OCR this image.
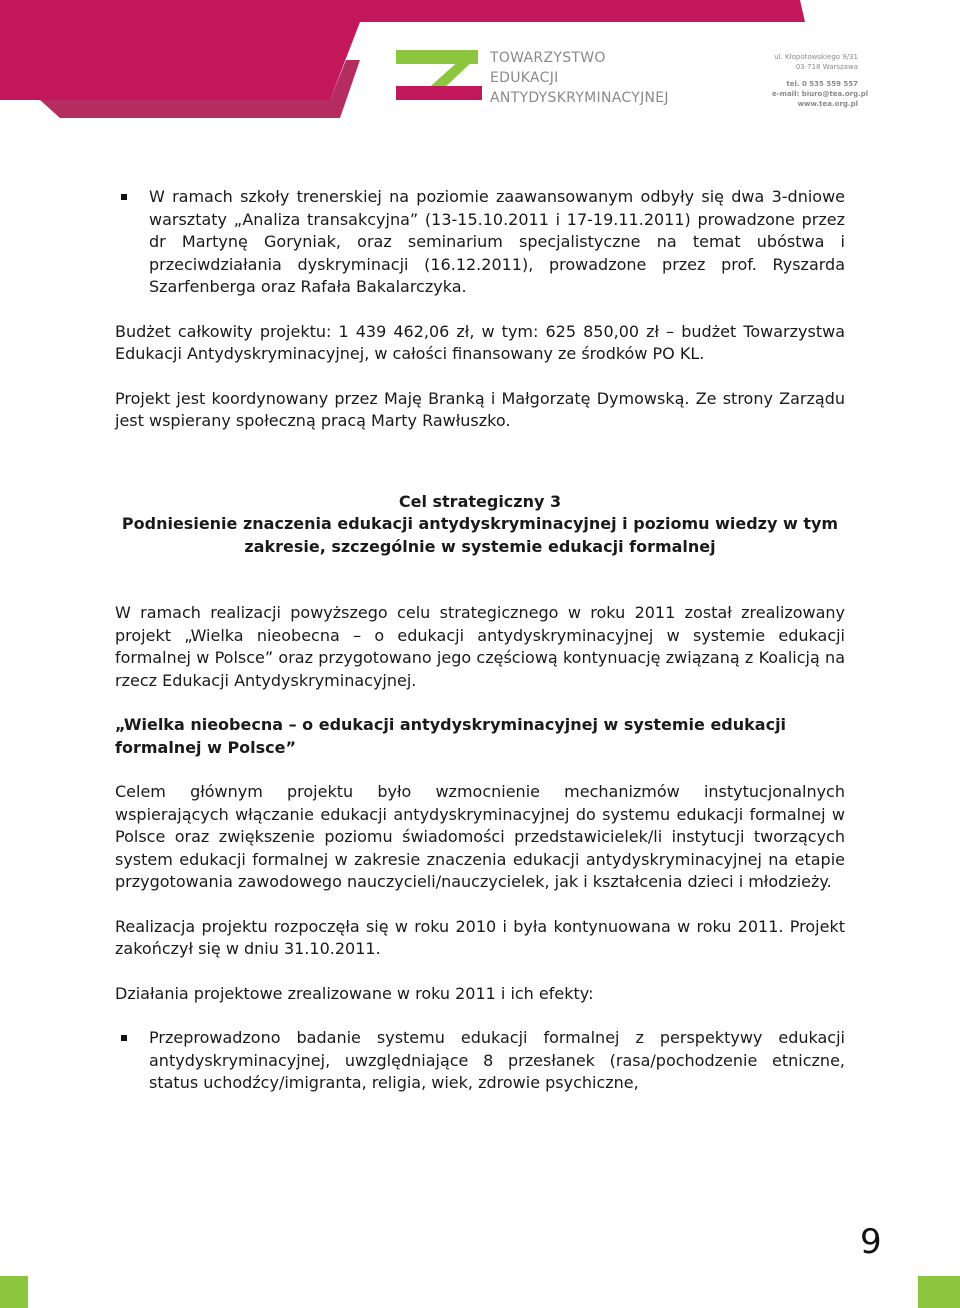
TOWARZYSTWO
EDUKACJI
ANTYDYSKRYMINACYJNEJ
ul. Kłopotowskiego 9/31
03-718 Warszawa
tel. 0 535 559 557
e-mail: biuro@tea.org.pl
www.tea.org.pl
W ramach szkoły trenerskiej na poziomie zaawansowanym odbyły się dwa 3-dniowe warsztaty „Analiza transakcyjna” (13-15.10.2011 i 17-19.11.2011) prowadzone przez dr Martynę Goryniak, oraz seminarium specjalistyczne na temat ubóstwa i przeciwdziałania dyskryminacji (16.12.2011), prowadzone przez prof. Ryszarda Szarfenberga oraz Rafała Bakalarczyka.

Budżet całkowity projektu: 1 439 462,06 zł, w tym: 625 850,00 zł – budżet Towarzystwa Edukacji Antydyskryminacyjnej, w całości finansowany ze środków PO KL.

Projekt jest koordynowany przez Maję Branką i Małgorzatę Dymowską. Ze strony Zarządu jest wspierany społeczną pracą Marty Rawłuszko.

Cel strategiczny 3

Podniesienie znaczenia edukacji antydyskryminacyjnej i poziomu wiedzy w tym zakresie, szczególnie w systemie edukacji formalnej

W ramach realizacji powyższego celu strategicznego w roku 2011 został zrealizowany projekt „Wielka nieobecna – o edukacji antydyskryminacyjnej w systemie edukacji formalnej w Polsce” oraz przygotowano jego częściową kontynuację związaną z Koalicją na rzecz Edukacji Antydyskryminacyjnej.

„Wielka nieobecna – o edukacji antydyskryminacyjnej w systemie edukacji formalnej w Polsce”

Celem głównym projektu było wzmocnienie mechanizmów instytucjonalnych wspierających włączanie edukacji antydyskryminacyjnej do systemu edukacji formalnej w Polsce oraz zwiększenie poziomu świadomości przedstawicielek/li instytucji tworzących system edukacji formalnej w zakresie znaczenia edukacji antydyskryminacyjnej na etapie przygotowania zawodowego nauczycieli/nauczycielek, jak i kształcenia dzieci i młodzieży.

Realizacja projektu rozpoczęła się w roku 2010 i była kontynuowana w roku 2011. Projekt zakończył się w dniu 31.10.2011.

Działania projektowe zrealizowane w roku 2011 i ich efekty:

Przeprowadzono badanie systemu edukacji formalnej z perspektywy edukacji antydyskryminacyjnej, uwzględniające 8 przesłanek (rasa/pochodzenie etniczne, status uchodźcy/imigranta, religia, wiek, zdrowie psychiczne,
9
